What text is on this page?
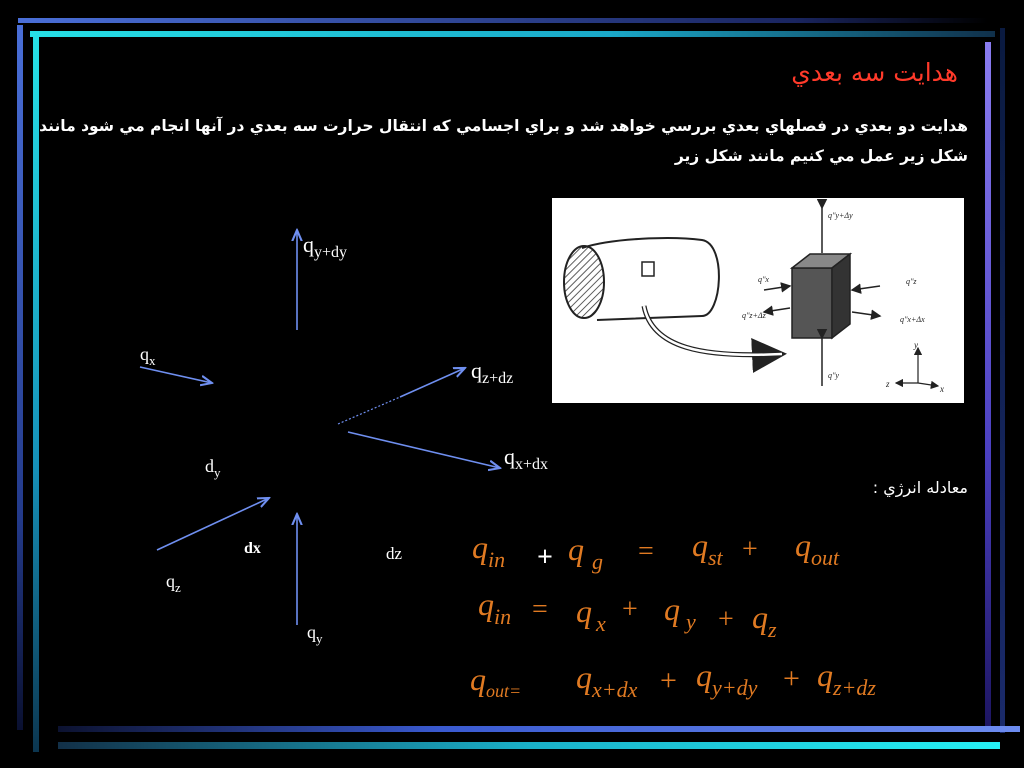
هدايت سه بعدي
هدايت دو بعدي در فصلهاي بعدي بررسي خواهد شد و براي اجسامي كه انتقال حرارت سه بعدي در آنها انجام مي شود مانند شكل زير عمل مي كنيم مانند شكل زير
معادله انرژي :
q''y+Δy
q''x
q''z+Δz
q''z
q''x+Δx
q''y
y
z	x
$q_{y+dy}$
$q_x$	$q_{z+dz}$
$q_{x+dx}$
$d_y$
dx	dz
$q_z$
$q_y$
$q_{in} + q$ $_g = q_{st} + q_{out}$
$q_{in} = q$ $_x$ + q $_y + q_z$
$q_{out=}$ $q_{x+dx} + q_{y+dy} + q_{z+dz}$
